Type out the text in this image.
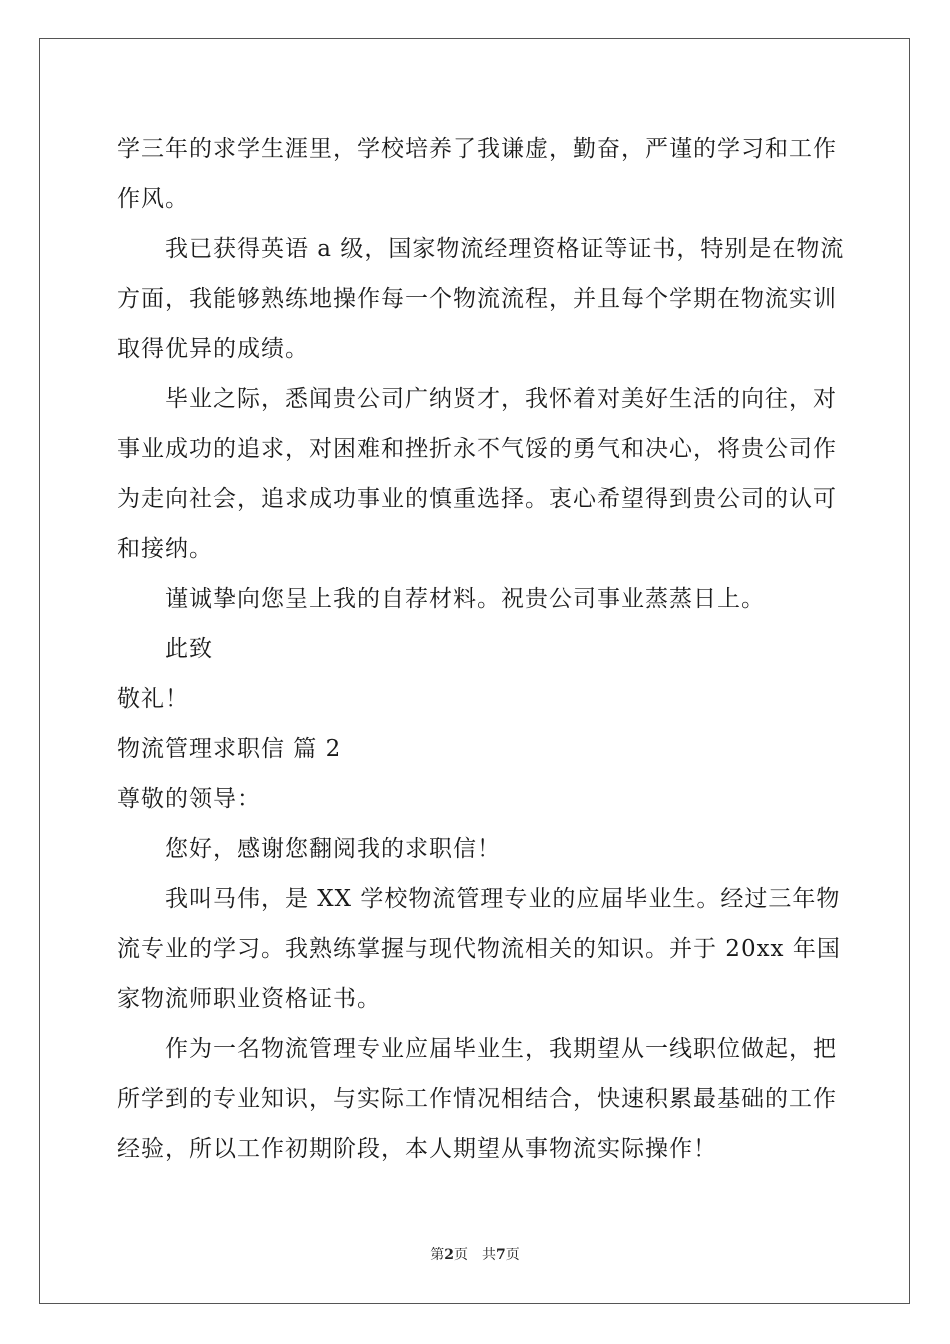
学三年的求学生涯里，学校培养了我谦虚，勤奋，严谨的学习和工作
作风。
我已获得英语 a 级，国家物流经理资格证等证书，特别是在物流
方面，我能够熟练地操作每一个物流流程，并且每个学期在物流实训
取得优异的成绩。
毕业之际，悉闻贵公司广纳贤才，我怀着对美好生活的向往，对
事业成功的追求，对困难和挫折永不气馁的勇气和决心，将贵公司作
为走向社会，追求成功事业的慎重选择。衷心希望得到贵公司的认可
和接纳。
谨诚挚向您呈上我的自荐材料。祝贵公司事业蒸蒸日上。
此致
敬礼！
物流管理求职信 篇 2
尊敬的领导：
您好，感谢您翻阅我的求职信！
我叫马伟，是 XX 学校物流管理专业的应届毕业生。经过三年物
流专业的学习。我熟练掌握与现代物流相关的知识。并于 20xx 年国
家物流师职业资格证书。
作为一名物流管理专业应届毕业生，我期望从一线职位做起，把
所学到的专业知识，与实际工作情况相结合，快速积累最基础的工作
经验，所以工作初期阶段，本人期望从事物流实际操作！
第2页 共7页
